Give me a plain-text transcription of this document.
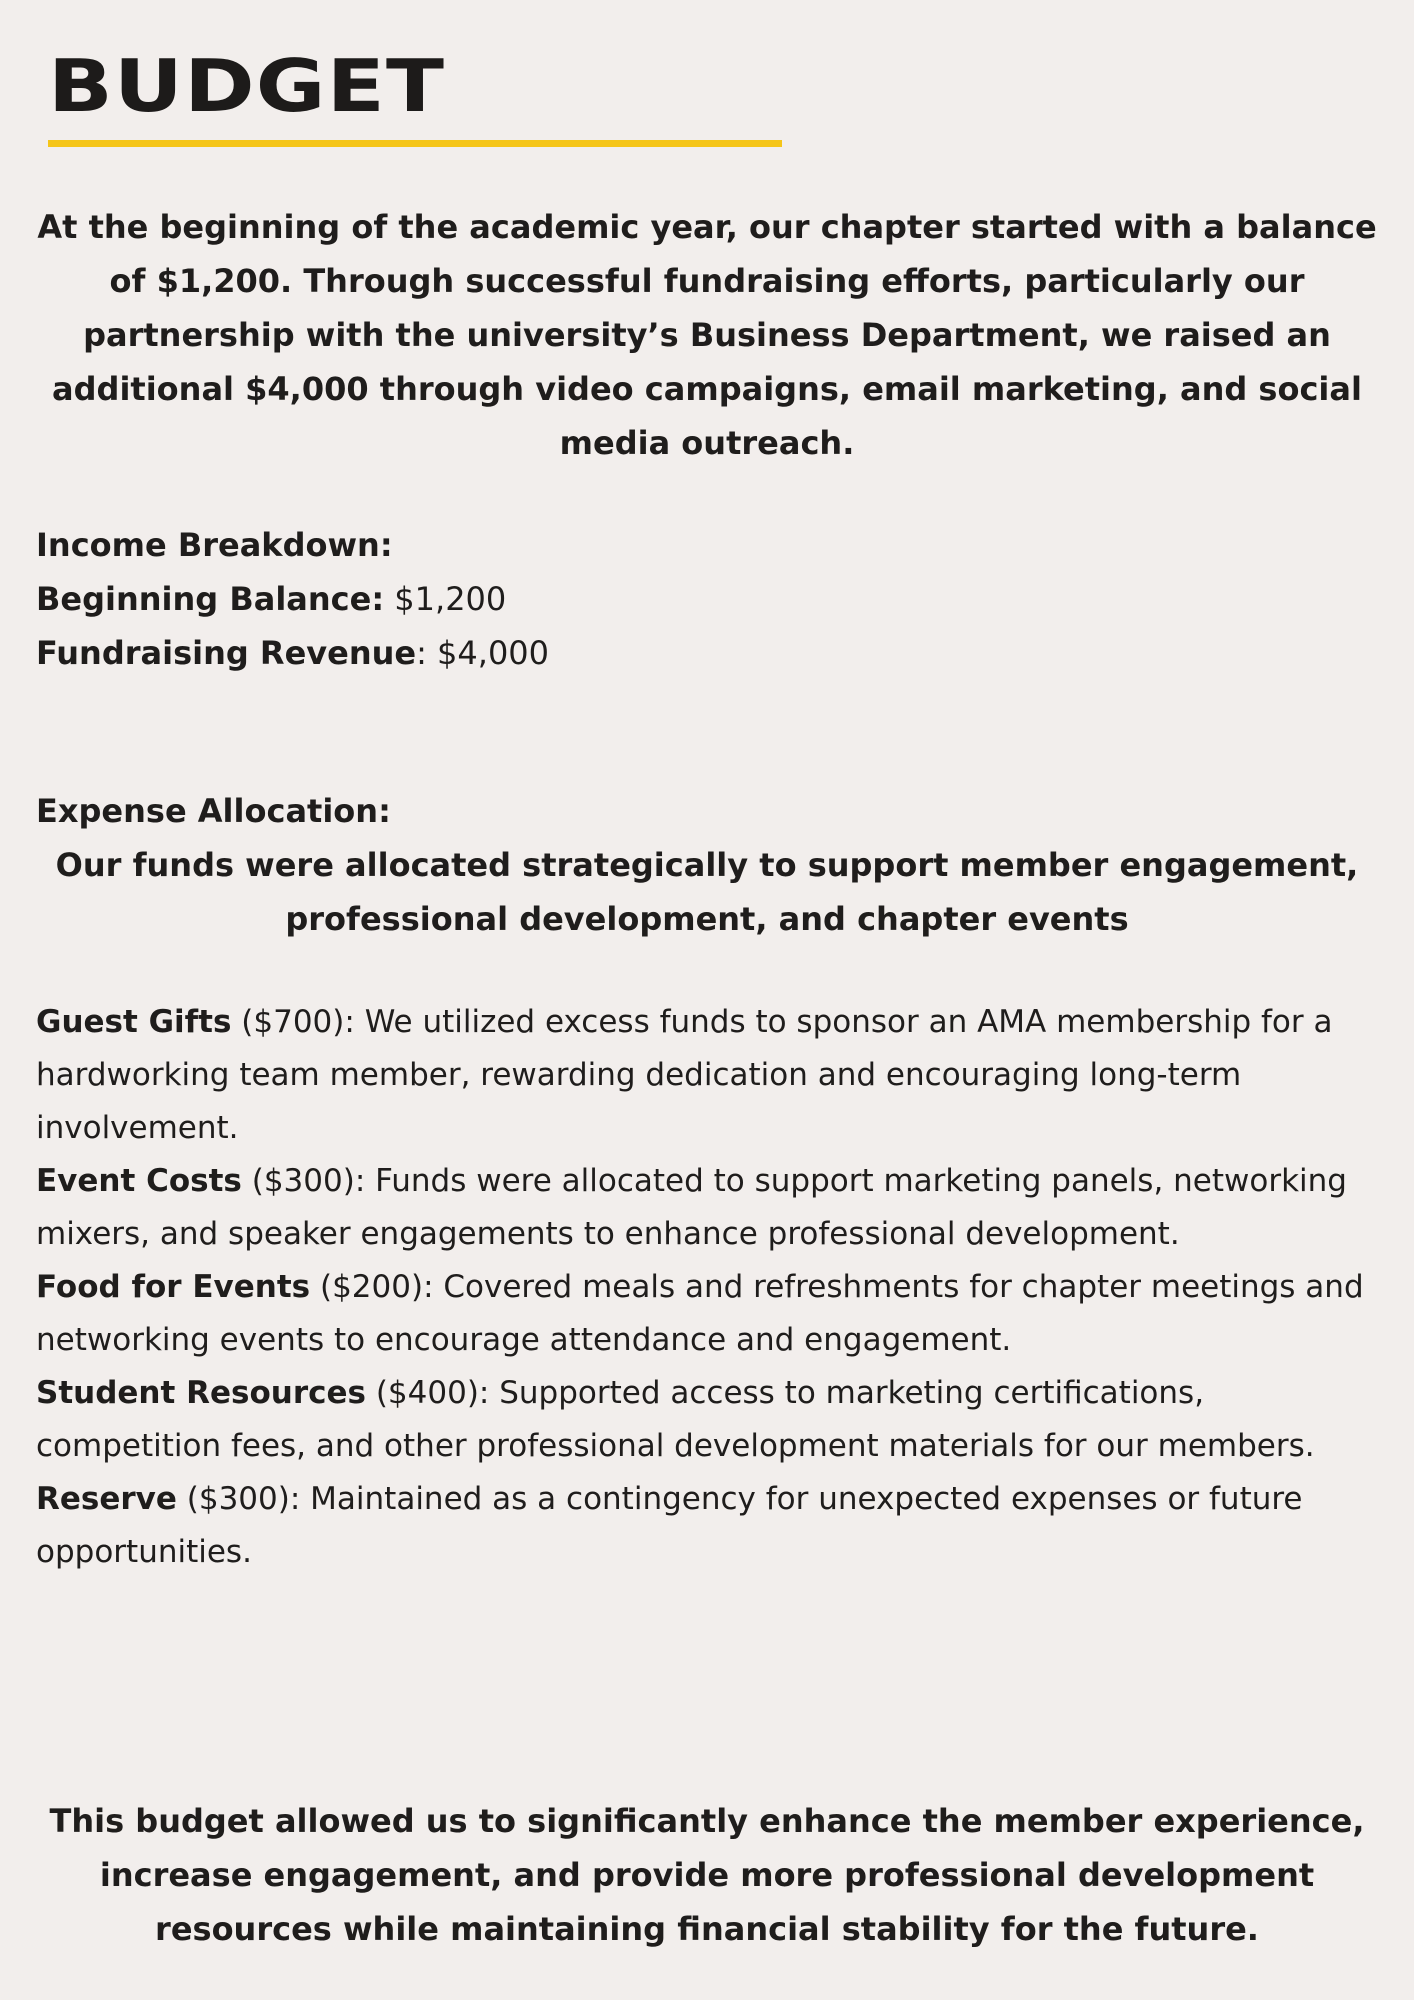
BUDGET

At the beginning of the academic year, our chapter started with a balance of $1,200. Through successful fundraising efforts, particularly our partnership with the university’s Business Department, we raised an additional $4,000 through video campaigns, email marketing, and social media outreach.

Income Breakdown:
Beginning Balance: $1,200
Fundraising Revenue: $4,000
Expense Allocation:

Our funds were allocated strategically to support member engagement, professional development, and chapter events

Guest Gifts ($700): We utilized excess funds to sponsor an AMA membership for a hardworking team member, rewarding dedication and encouraging long-term involvement.
Event Costs ($300): Funds were allocated to support marketing panels, networking mixers, and speaker engagements to enhance professional development.
Food for Events ($200): Covered meals and refreshments for chapter meetings and networking events to encourage attendance and engagement.
Student Resources ($400): Supported access to marketing certifications, competition fees, and other professional development materials for our members.
Reserve ($300): Maintained as a contingency for unexpected expenses or future opportunities.

This budget allowed us to significantly enhance the member experience, increase engagement, and provide more professional development resources while maintaining financial stability for the future.
